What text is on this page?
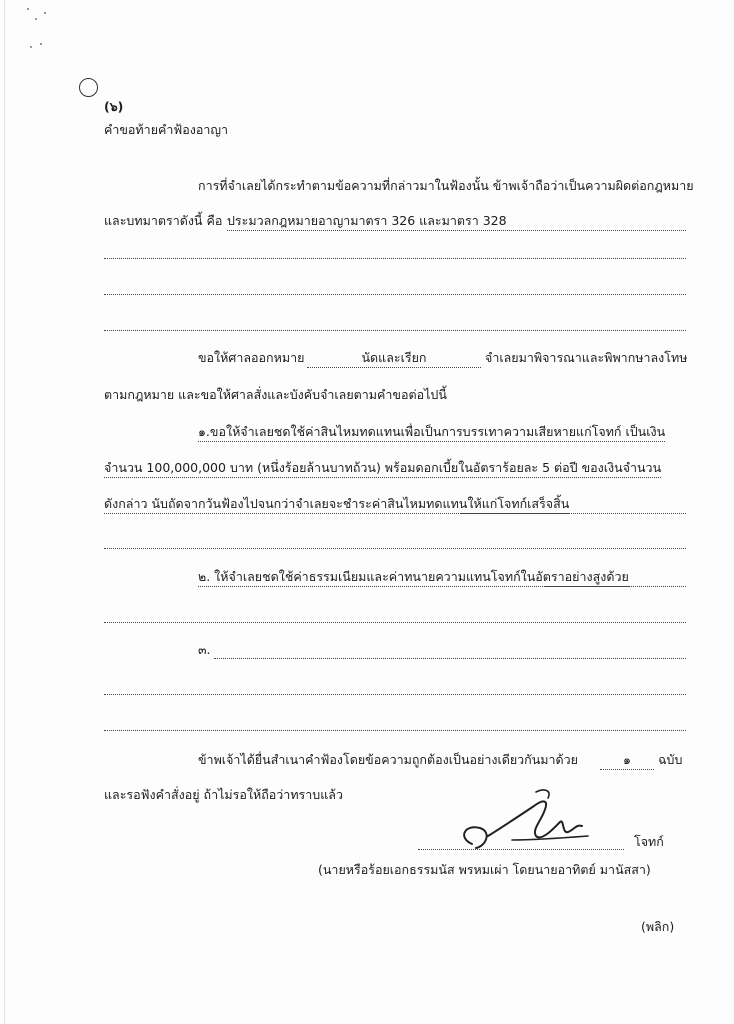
(๖)
คำขอท้ายคำฟ้องอาญา
การที่จำเลยได้กระทำตามข้อความที่กล่าวมาในฟ้องนั้น ข้าพเจ้าถือว่าเป็นความผิดต่อกฎหมาย
และบทมาตราดังนี้ คือ ประมวลกฎหมายอาญามาตรา 326 และมาตรา 328
ขอให้ศาลออกหมาย	นัดและเรียก	จำเลยมาพิจารณาและพิพากษาลงโทษ
ตามกฎหมาย และขอให้ศาลสั่งและบังคับจำเลยตามคำขอต่อไปนี้
๑.ขอให้จำเลยชดใช้ค่าสินไหมทดแทนเพื่อเป็นการบรรเทาความเสียหายแก่โจทก์ เป็นเงิน
จำนวน 100,000,000 บาท (หนึ่งร้อยล้านบาทถ้วน) พร้อมดอกเบี้ยในอัตราร้อยละ 5 ต่อปี ของเงินจำนวน
ดังกล่าว นับถัดจากวันฟ้องไปจนกว่าจำเลยจะชำระค่าสินไหมทดแทนให้แก่โจทก์เสร็จสิ้น
๒. ให้จำเลยชดใช้ค่าธรรมเนียมและค่าทนายความแทนโจทก์ในอัตราอย่างสูงด้วย
๓.
ข้าพเจ้าได้ยื่นสำเนาคำฟ้องโดยข้อความถูกต้องเป็นอย่างเดียวกันมาด้วย	๑	ฉบับ
และรอฟังคำสั่งอยู่ ถ้าไม่รอให้ถือว่าทราบแล้ว
โจทก์
(นายหรือร้อยเอกธรรมนัส พรหมเผ่า โดยนายอาทิตย์ มานัสสา)
(พลิก)
